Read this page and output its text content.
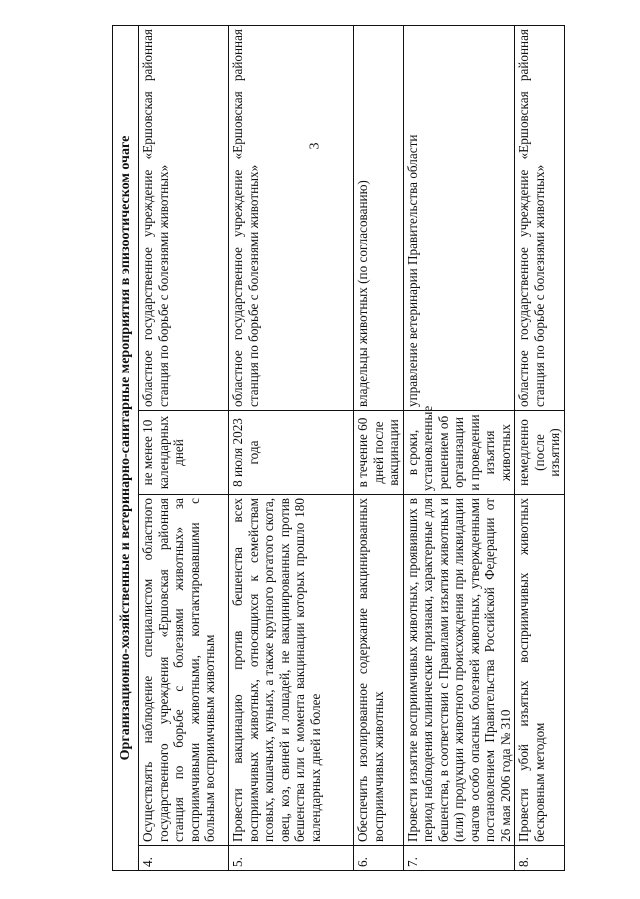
3
Организационно-хозяйственные и ветеринарно-санитарные мероприятия в эпизоотическом очаге			
4.	Осуществлять наблюдение специалистом областного государственного учреждения «Ершовская районная станция по борьбе с болезнями животных» за восприимчивыми животными, контактировавшими с больным восприимчивым животным	не менее 10 календарных дней	областное государственное учреждение «Ершовская районная станция по борьбе с болезнями животных»
5.	Провести вакцинацию против бешенства всех восприимчивых животных, относящихся к семействам псовых, кошачьих, куньих, а также крупного рогатого скота, овец, коз, свиней и лошадей, не вакцинированных против бешенства или с момента вакцинации которых прошло 180 календарных дней и более	8 июля 2023 года	областное государственное учреждение «Ершовская районная станция по борьбе с болезнями животных»
6.	Обеспечить изолированное содержание вакцинированных восприимчивых животных	в течение 60 дней после вакцинации	владельцы животных (по согласованию)
7.	Провести изъятие восприимчивых животных, проявивших в период наблюдения клинические признаки, характерные для бешенства, в соответствии с Правилами изъятия животных и (или) продукции животного происхождения при ликвидации очагов особо опасных болезней животных, утвержденными постановлением Правительства Российской Федерации от 26 мая 2006 года № 310	в сроки, установленные решением об организации и проведении изъятия животных	управление ветеринарии Правительства области
8.	Провести убой изъятых восприимчивых животных бескровным методом	немедленно (после изъятия)	областное государственное учреждение «Ершовская районная станция по борьбе с болезнями животных»
